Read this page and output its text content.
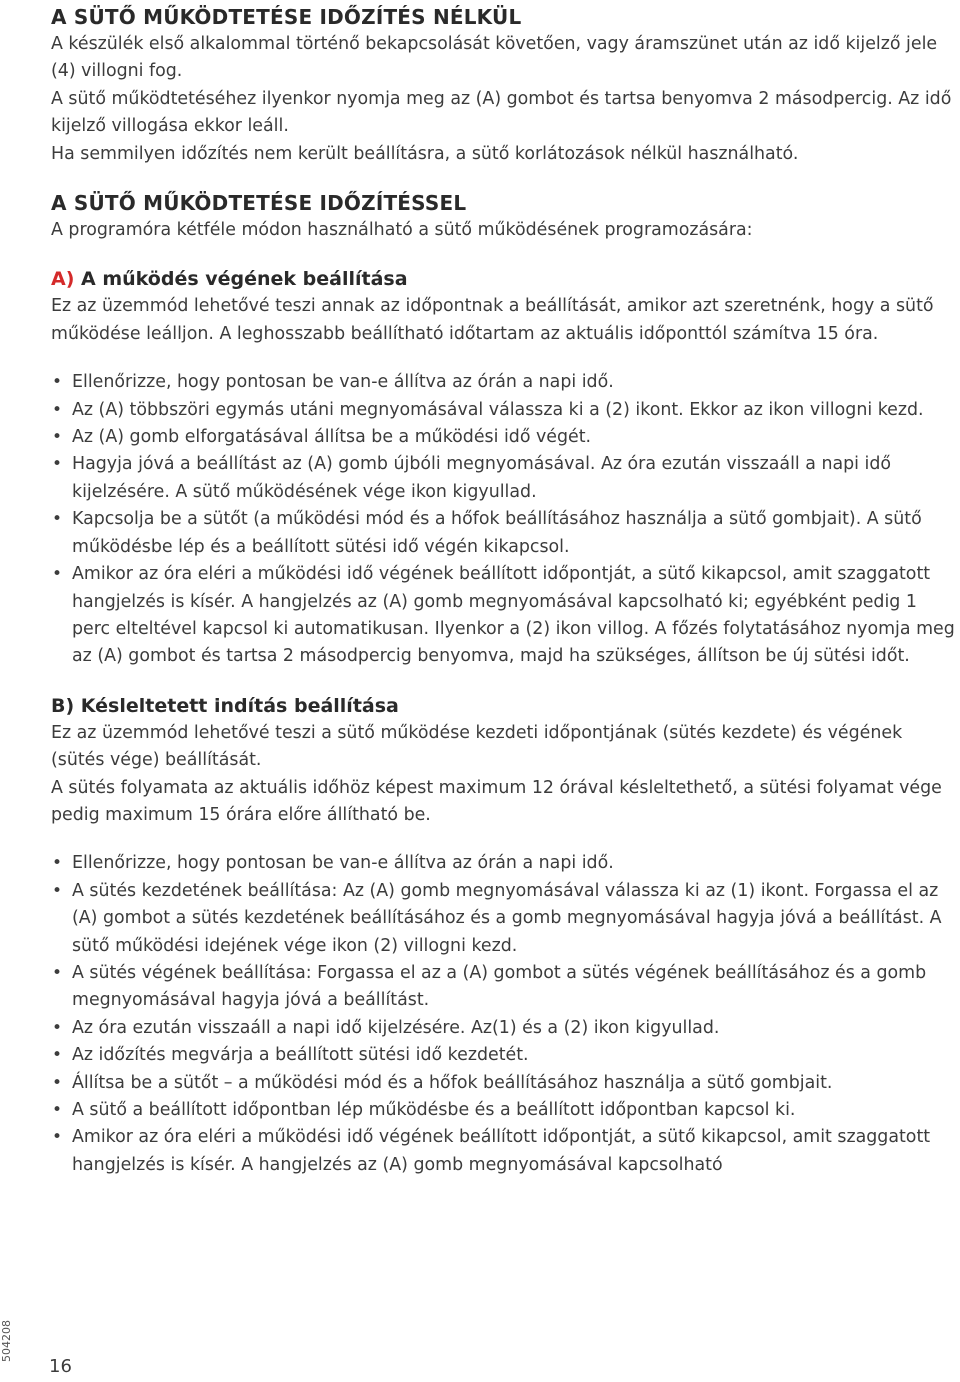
A SÜTŐ MŰKÖDTETÉSE IDŐZÍTÉS NÉLKÜL

A készülék első alkalommal történő bekapcsolását követően, vagy áramszünet után az idő kijelző jele (4) villogni fog.

A sütő működtetéséhez ilyenkor nyomja meg az (A) gombot és tartsa benyomva 2 másodpercig. Az idő kijelző villogása ekkor leáll.

Ha semmilyen időzítés nem került beállításra, a sütő korlátozások nélkül használható.

A SÜTŐ MŰKÖDTETÉSE IDŐZÍTÉSSEL

A programóra kétféle módon használható a sütő működésének programozására:

A) A működés végének beállítása

Ez az üzemmód lehetővé teszi annak az időpontnak a beállítását, amikor azt szeretnénk, hogy a sütő működése leálljon. A leghosszabb beállítható időtartam az aktuális időponttól számítva 15 óra.

• Ellenőrizze, hogy pontosan be van-e állítva az órán a napi idő.
• Az (A) többszöri egymás utáni megnyomásával válassza ki a (2) ikont. Ekkor az ikon villogni kezd.
• Az (A) gomb elforgatásával állítsa be a működési idő végét.
• Hagyja jóvá a beállítást az (A) gomb újbóli megnyomásával. Az óra ezután visszaáll a napi idő kijelzésére. A sütő működésének vége ikon kigyullad.
• Kapcsolja be a sütőt (a működési mód és a hőfok beállításához használja a sütő gombjait). A sütő működésbe lép és a beállított sütési idő végén kikapcsol.
• Amikor az óra eléri a működési idő végének beállított időpontját, a sütő kikapcsol, amit szaggatott hangjelzés is kísér. A hangjelzés az (A) gomb megnyomásával kapcsolható ki; egyébként pedig 1 perc elteltével kapcsol ki automatikusan. Ilyenkor a (2) ikon villog. A főzés folytatásához nyomja meg az (A) gombot és tartsa 2 másodpercig benyomva, majd ha szükséges, állítson be új sütési időt.
B) Késleltetett indítás beállítása

Ez az üzemmód lehetővé teszi a sütő működése kezdeti időpontjának (sütés kezdete) és végének (sütés vége) beállítását.

A sütés folyamata az aktuális időhöz képest maximum 12 órával késleltethető, a sütési folyamat vége pedig maximum 15 órára előre állítható be.

• Ellenőrizze, hogy pontosan be van-e állítva az órán a napi idő.
• A sütés kezdetének beállítása: Az (A) gomb megnyomásával válassza ki az (1) ikont. Forgassa el az (A) gombot a sütés kezdetének beállításához és a gomb megnyomásával hagyja jóvá a beállítást. A sütő működési idejének vége ikon (2) villogni kezd.
• A sütés végének beállítása: Forgassa el az a (A) gombot a sütés végének beállításához és a gomb megnyomásával hagyja jóvá a beállítást.
• Az óra ezután visszaáll a napi idő kijelzésére. Az(1) és a (2) ikon kigyullad.
• Az időzítés megvárja a beállított sütési idő kezdetét.
• Állítsa be a sütőt – a működési mód és a hőfok beállításához használja a sütő gombjait.
• A sütő a beállított időpontban lép működésbe és a beállított időpontban kapcsol ki.
• Amikor az óra eléri a működési idő végének beállított időpontját, a sütő kikapcsol, amit szaggatott hangjelzés is kísér. A hangjelzés az (A) gomb megnyomásával kapcsolható
504208
16
